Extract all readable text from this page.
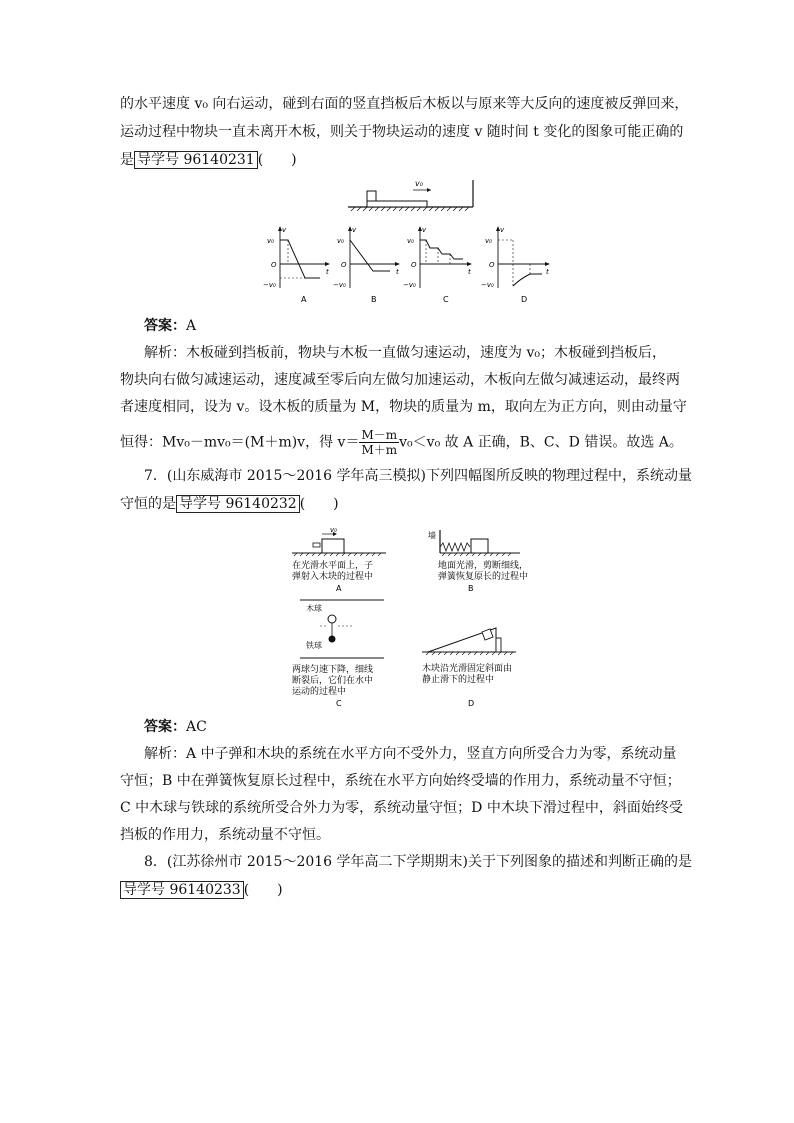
的水平速度 v₀ 向右运动，碰到右面的竖直挡板后木板以与原来等大反向的速度被反弹回来，
运动过程中物块一直未离开木板，则关于物块运动的速度 v 随时间 t 变化的图象可能正确的
是 导学号 96140231 (　　)
v₀
v
t
v₀
O
−v₀
A
v
t
v₀
O
−v₀
B
v
t
v₀
O
−v₀
C
v
t
v₀
O
−v₀
D
答案：A
解析：木板碰到挡板前，物块与木板一直做匀速运动，速度为 v₀；木板碰到挡板后，
物块向右做匀减速运动，速度减至零后向左做匀加速运动，木板向左做匀减速运动，最终两
者速度相同，设为 v。设木板的质量为 M，物块的质量为 m，取向左为正方向，则由动量守
恒得：Mv₀－mv₀＝(M＋m)v，得 $v= \frac{M-m}{M+m} v_0<v_0$ 故 A 正确，B、C、D 错误。故选 A。
7．(山东威海市 2015～2016 学年高三模拟)下列四幅图所反映的物理过程中，系统动量
守恒的是 导学号 96140232 (　　)
v₀
在光滑水平面上，子
弹射入木块的过程中
A
墙
地面光滑，剪断细线，
弹簧恢复原长的过程中
B
木球
铁球
两球匀速下降，细线
断裂后，它们在水中
运动的过程中
C
木块沿光滑固定斜面由
静止滑下的过程中
D
答案：AC
解析：A 中子弹和木块的系统在水平方向不受外力，竖直方向所受合力为零，系统动量
守恒；B 中在弹簧恢复原长过程中，系统在水平方向始终受墙的作用力，系统动量不守恒；
C 中木球与铁球的系统所受合外力为零，系统动量守恒；D 中木块下滑过程中，斜面始终受
挡板的作用力，系统动量不守恒。
8．(江苏徐州市 2015～2016 学年高二下学期期末)关于下列图象的描述和判断正确的是
导学号 96140233 (　　)
